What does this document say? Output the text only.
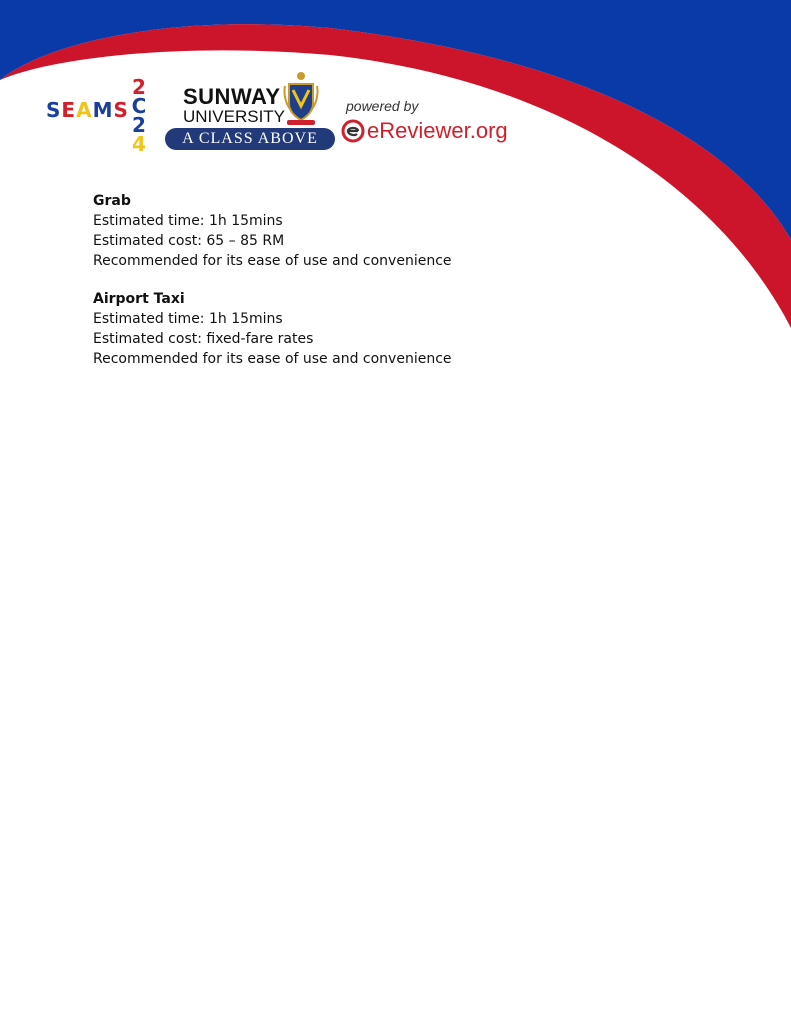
SEAMS
2
C
2
4
SUNWAY
UNIVERSITY
A CLASS ABOVE
powered by
eReviewer.org

Grab

Estimated time: 1h 15mins

Estimated cost: 65 – 85 RM

Recommended for its ease of use and convenience

Airport Taxi

Estimated time: 1h 15mins

Estimated cost: fixed-fare rates

Recommended for its ease of use and convenience
